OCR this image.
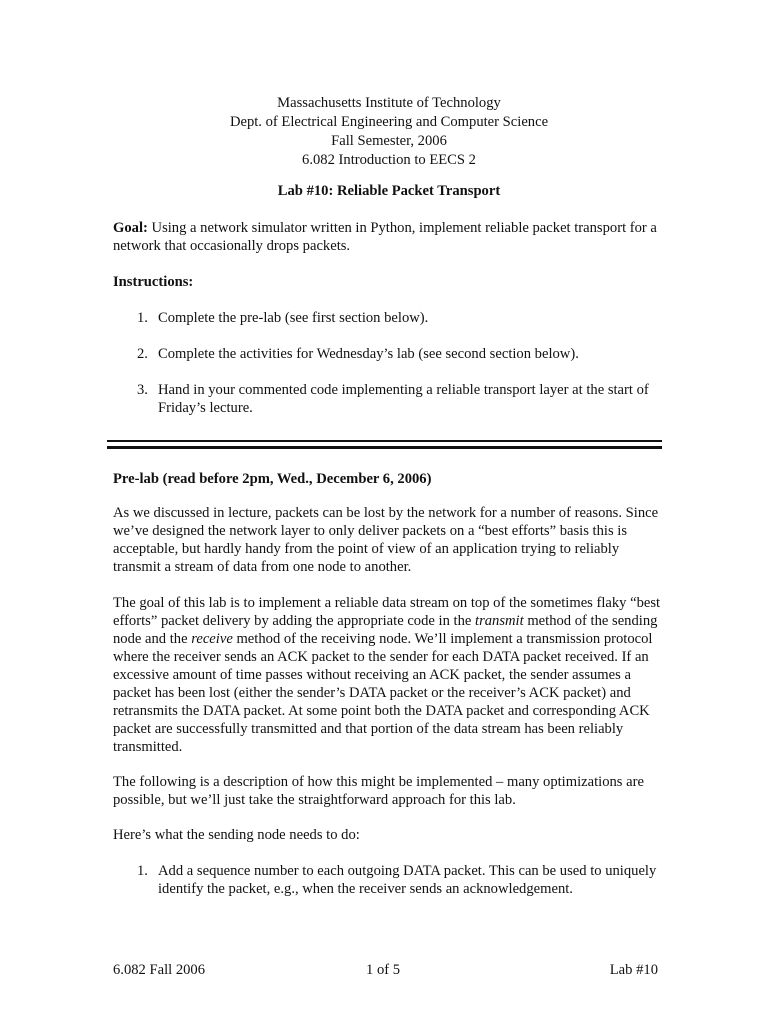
Massachusetts Institute of Technology
Dept. of Electrical Engineering and Computer Science
Fall Semester, 2006
6.082 Introduction to EECS 2
Lab #10: Reliable Packet Transport
Goal: Using a network simulator written in Python, implement reliable packet transport for a network that occasionally drops packets.
Instructions:
1. Complete the pre-lab (see first section below).
2. Complete the activities for Wednesday’s lab (see second section below).
3. Hand in your commented code implementing a reliable transport layer at the start of Friday’s lecture.
Pre-lab (read before 2pm, Wed., December 6, 2006)

As we discussed in lecture, packets can be lost by the network for a number of reasons. Since we’ve designed the network layer to only deliver packets on a “best efforts” basis this is acceptable, but hardly handy from the point of view of an application trying to reliably transmit a stream of data from one node to another.

The goal of this lab is to implement a reliable data stream on top of the sometimes flaky “best efforts” packet delivery by adding the appropriate code in the transmit method of the sending node and the receive method of the receiving node. We’ll implement a transmission protocol where the receiver sends an ACK packet to the sender for each DATA packet received. If an excessive amount of time passes without receiving an ACK packet, the sender assumes a packet has been lost (either the sender’s DATA packet or the receiver’s ACK packet) and retransmits the DATA packet. At some point both the DATA packet and corresponding ACK packet are successfully transmitted and that portion of the data stream has been reliably transmitted.

The following is a description of how this might be implemented – many optimizations are possible, but we’ll just take the straightforward approach for this lab.

Here’s what the sending node needs to do:

1. Add a sequence number to each outgoing DATA packet. This can be used to uniquely identify the packet, e.g., when the receiver sends an acknowledgement.
6.082 Fall 2006	1 of 5	Lab #10
